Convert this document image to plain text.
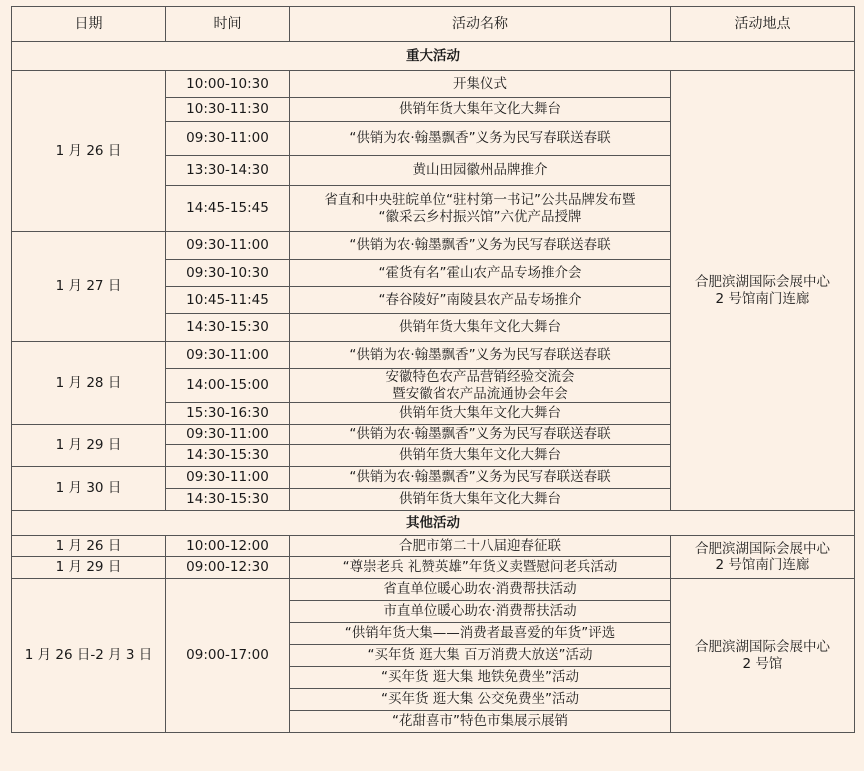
日期	时间	活动名称	活动地点
重大活动			
1 月 26 日	10:00-10:30	开集仪式	合肥滨湖国际会展中心
2 号馆南门连廊

	10:30-11:30	供销年货大集年文化大舞台	

	09:30-11:00	“供销为农·翰墨飘香”义务为民写春联送春联	

	13:30-14:30	黄山田园徽州品牌推介	

	14:45-15:45	省直和中央驻皖单位“驻村第一书记”公共品牌发布暨
“徽采云乡村振兴馆”六优产品授牌	

1 月 27 日	09:30-11:00	“供销为农·翰墨飘香”义务为民写春联送春联	

	09:30-10:30	“霍货有名”霍山农产品专场推介会	

	10:45-11:45	“春谷陵好”南陵县农产品专场推介	

	14:30-15:30	供销年货大集年文化大舞台	

1 月 28 日	09:30-11:00	“供销为农·翰墨飘香”义务为民写春联送春联	

	14:00-15:00	安徽特色农产品营销经验交流会
暨安徽省农产品流通协会年会	

	15:30-16:30	供销年货大集年文化大舞台	

1 月 29 日	09:30-11:00	“供销为农·翰墨飘香”义务为民写春联送春联	

	14:30-15:30	供销年货大集年文化大舞台	

1 月 30 日	09:30-11:00	“供销为农·翰墨飘香”义务为民写春联送春联	

	14:30-15:30	供销年货大集年文化大舞台	

其他活动			
1 月 26 日	10:00-12:00	合肥市第二十八届迎春征联	合肥滨湖国际会展中心
2 号馆南门连廊

1 月 29 日	09:00-12:30	“尊崇老兵 礼赞英雄”年货义卖暨慰问老兵活动	
1 月 26 日-2 月 3 日	09:00-17:00	省直单位暖心助农·消费帮扶活动	合肥滨湖国际会展中心
2 号馆

		市直单位暖心助农·消费帮扶活动	
		“供销年货大集——消费者最喜爱的年货”评选	
		“买年货 逛大集 百万消费大放送”活动	
		“买年货 逛大集 地铁免费坐”活动	
		“买年货 逛大集 公交免费坐”活动	
		“花甜喜市”特色市集展示展销	
